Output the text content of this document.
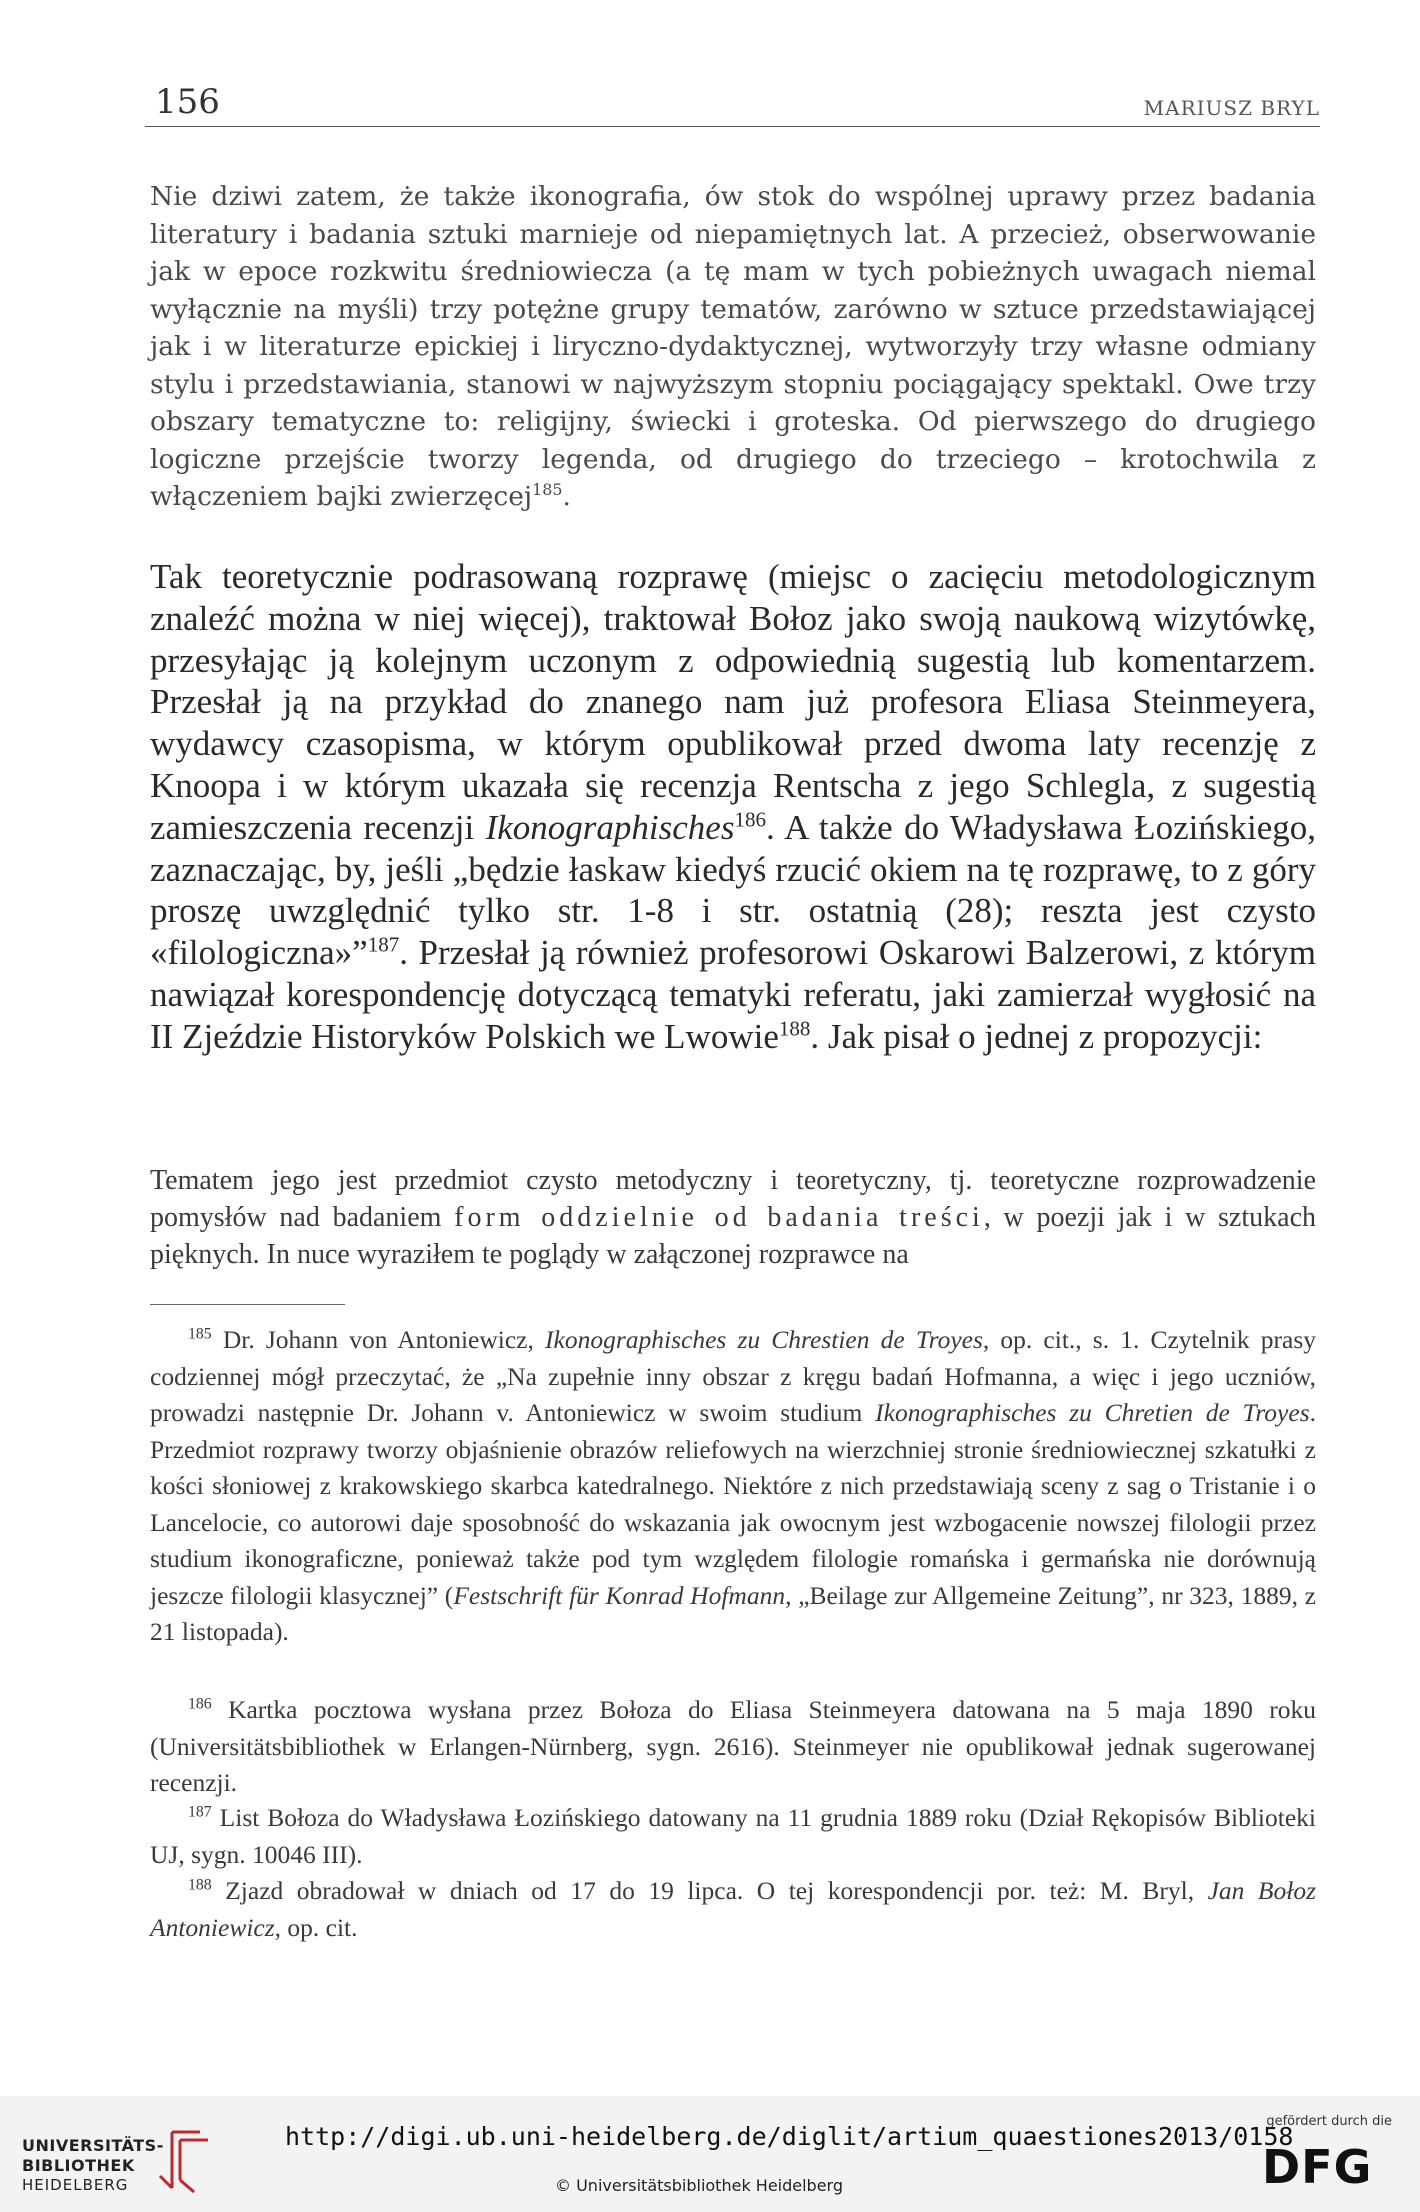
156	MARIUSZ BRYL

Nie dziwi zatem, że także ikonografia, ów stok do wspólnej uprawy przez badania literatury i badania sztuki marnieje od niepamiętnych lat. A przecież, obserwowanie jak w epoce rozkwitu średniowiecza (a tę mam w tych pobieżnych uwagach niemal wyłącznie na myśli) trzy potężne grupy tematów, zarówno w sztuce przedstawiającej jak i w literaturze epickiej i liryczno-dydaktycznej, wytworzyły trzy własne odmiany stylu i przedstawiania, stanowi w najwyższym stopniu pociągający spektakl. Owe trzy obszary tematyczne to: religijny, świecki i groteska. Od pierwszego do drugiego logiczne przejście tworzy legenda, od drugiego do trzeciego – krotochwila z włączeniem bajki zwierzęcej$^{185}$.

Tak teoretycznie podrasowaną rozprawę (miejsc o zacięciu metodologicznym znaleźć można w niej więcej), traktował Bołoz jako swoją naukową wizytówkę, przesyłając ją kolejnym uczonym z odpowiednią sugestią lub komentarzem. Przesłał ją na przykład do znanego nam już profesora Eliasa Steinmeyera, wydawcy czasopisma, w którym opublikował przed dwoma laty recenzję z Knoopa i w którym ukazała się recenzja Rentscha z jego Schlegla, z sugestią zamieszczenia recenzji Ikonographisches$^{186}$. A także do Władysława Łozińskiego, zaznaczając, by, jeśli „będzie łaskaw kiedyś rzucić okiem na tę rozprawę, to z góry proszę uwzględnić tylko str. 1-8 i str. ostatnią (28); reszta jest czysto «filologiczna»”$^{187}$. Przesłał ją również profesorowi Oskarowi Balzerowi, z którym nawiązał korespondencję dotyczącą tematyki referatu, jaki zamierzał wygłosić na II Zjeździe Historyków Polskich we Lwowie$^{188}$. Jak pisał o jednej z propozycji:

Tematem jego jest przedmiot czysto metodyczny i teoretyczny, tj. teoretyczne rozprowadzenie pomysłów nad badaniem form oddzielnie od badania treści, w poezji jak i w sztukach pięknych. In nuce wyraziłem te poglądy w załączonej rozprawce na

$^{185}$ Dr. Johann von Antoniewicz, Ikonographisches zu Chrestien de Troyes, op. cit., s. 1. Czytelnik prasy codziennej mógł przeczytać, że „Na zupełnie inny obszar z kręgu badań Hofmanna, a więc i jego uczniów, prowadzi następnie Dr. Johann v. Antoniewicz w swoim studium Ikonographisches zu Chretien de Troyes. Przedmiot rozprawy tworzy objaśnienie obrazów reliefowych na wierzchniej stronie średniowiecznej szkatułki z kości słoniowej z krakowskiego skarbca katedralnego. Niektóre z nich przedstawiają sceny z sag o Tristanie i o Lancelocie, co autorowi daje sposobność do wskazania jak owocnym jest wzbogacenie nowszej filologii przez studium ikonograficzne, ponieważ także pod tym względem filologie romańska i germańska nie dorównują jeszcze filologii klasycznej” (Festschrift für Konrad Hofmann, „Beilage zur Allgemeine Zeitung”, nr 323, 1889, z 21 listopada).

$^{186}$ Kartka pocztowa wysłana przez Bołoza do Eliasa Steinmeyera datowana na 5 maja 1890 roku (Universitätsbibliothek w Erlangen-Nürnberg, sygn. 2616). Steinmeyer nie opublikował jednak sugerowanej recenzji.

$^{187}$ List Bołoza do Władysława Łozińskiego datowany na 11 grudnia 1889 roku (Dział Rękopisów Biblioteki UJ, sygn. 10046 III).

$^{188}$ Zjazd obradował w dniach od 17 do 19 lipca. O tej korespondencji por. też: M. Bryl, Jan Bołoz Antoniewicz, op. cit.

UNIVERSITÄTS-
BIBLIOTHEK
HEIDELBERG
http://digi.ub.uni-heidelberg.de/diglit/artium_quaestiones2013/0158
© Universitätsbibliothek Heidelberg
gefördert durch die
DFG
